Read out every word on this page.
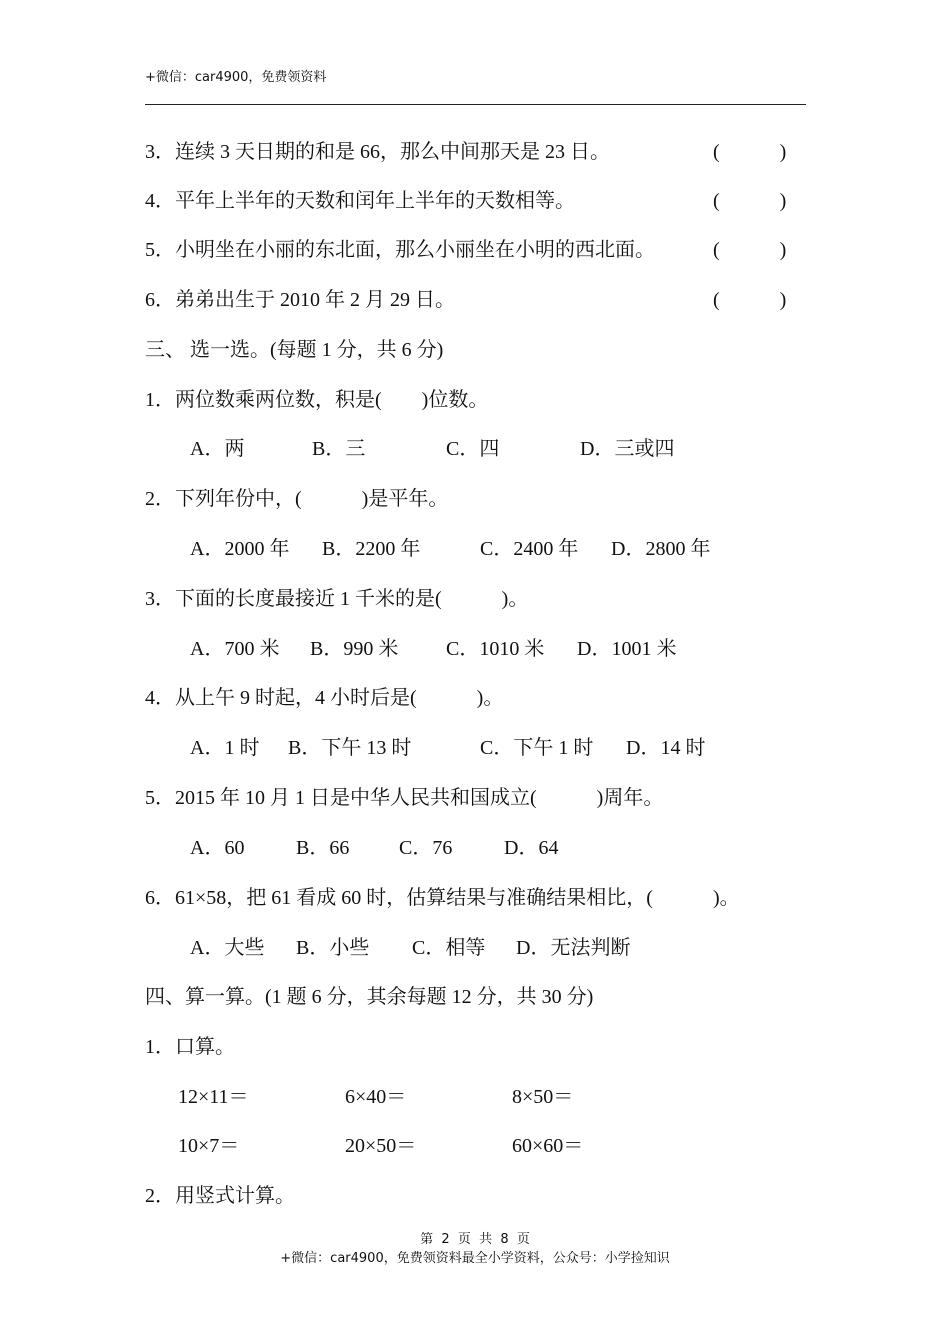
+微信：car4900，免费领资料
3．连续 3 天日期的和是 66，那么中间那天是 23 日。	(　　　)
4．平年上半年的天数和闰年上半年的天数相等。	(　　　)
5．小明坐在小丽的东北面，那么小丽坐在小明的西北面。	(　　　)
6．弟弟出生于 2010 年 2 月 29 日。	(　　　)
三、 选一选。(每题 1 分，共 6 分)
1．两位数乘两位数，积是(　　)位数。
A．两	B．三	C．四	D．三或四
2．下列年份中，(　　　)是平年。
A．2000 年 B．2200 年	C．2400 年 D．2800 年
3．下面的长度最接近 1 千米的是(　　　)。
A．700 米 B．990 米 C．1010 米 D．1001 米
4．从上午 9 时起，4 小时后是(　　　)。
A．1 时 B．下午 13 时	C．下午 1 时 D．14 时
5．2015 年 10 月 1 日是中华人民共和国成立(　　　)周年。
A．60	B．66 C．76	D．64
6．61×58，把 61 看成 60 时，估算结果与准确结果相比，(　　　)。
A．大些 B．小些 C．相等 D．无法判断
四、算一算。(1 题 6 分，其余每题 12 分，共 30 分)
1．口算。
12×11＝	6×40＝	8×50＝
10×7＝	20×50＝	60×60＝
2．用竖式计算。
第  2  页  共  8  页
+微信：car4900，免费领资料最全小学资料，公众号：小学捡知识
